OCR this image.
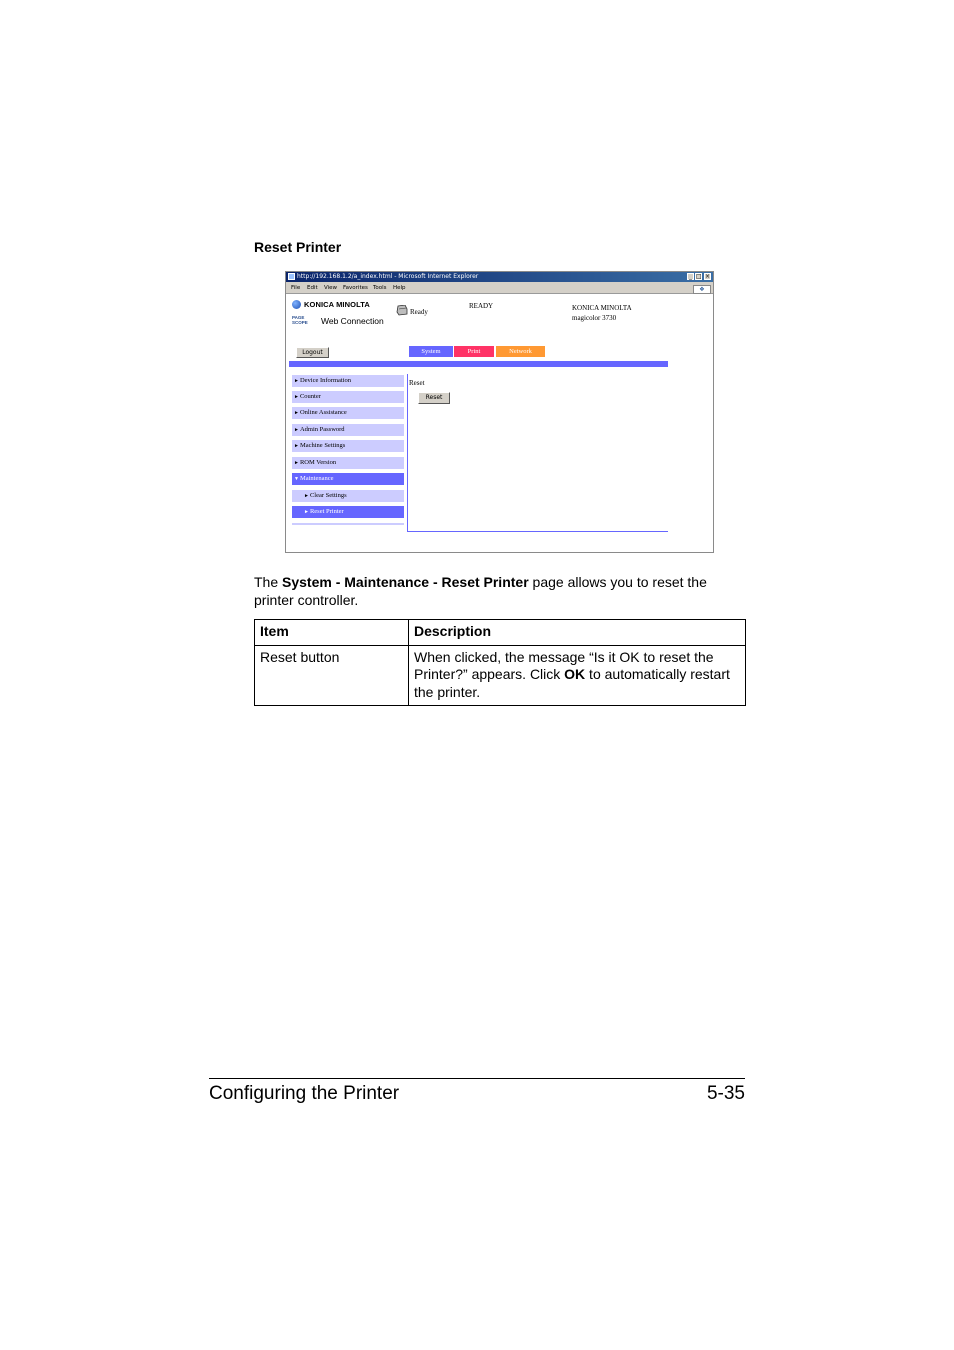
Reset Printer
http://192.168.1.2/a_index.html - Microsoft Internet Explorer	_ □ ×
File Edit View Favorites Tools Help	❖
KONICA MINOLTA
PAGE
SCOPE	Web Connection
Ready
READY	KONICA MINOLTA
magicolor 3730
Logout	System	Print	Network
►Device Information
►Counter
►Online Assistance
►Admin Password
►Machine Settings
►ROM Version
▼Maintenance
►Clear Settings
►Reset Printer
Reset
Reset
The System - Maintenance - Reset Printer page allows you to reset the printer controller.
Item	Description
Reset button	When clicked, the message “Is it OK to reset the Printer?” appears. Click OK to automatically restart the printer.
Configuring the Printer	5-35
